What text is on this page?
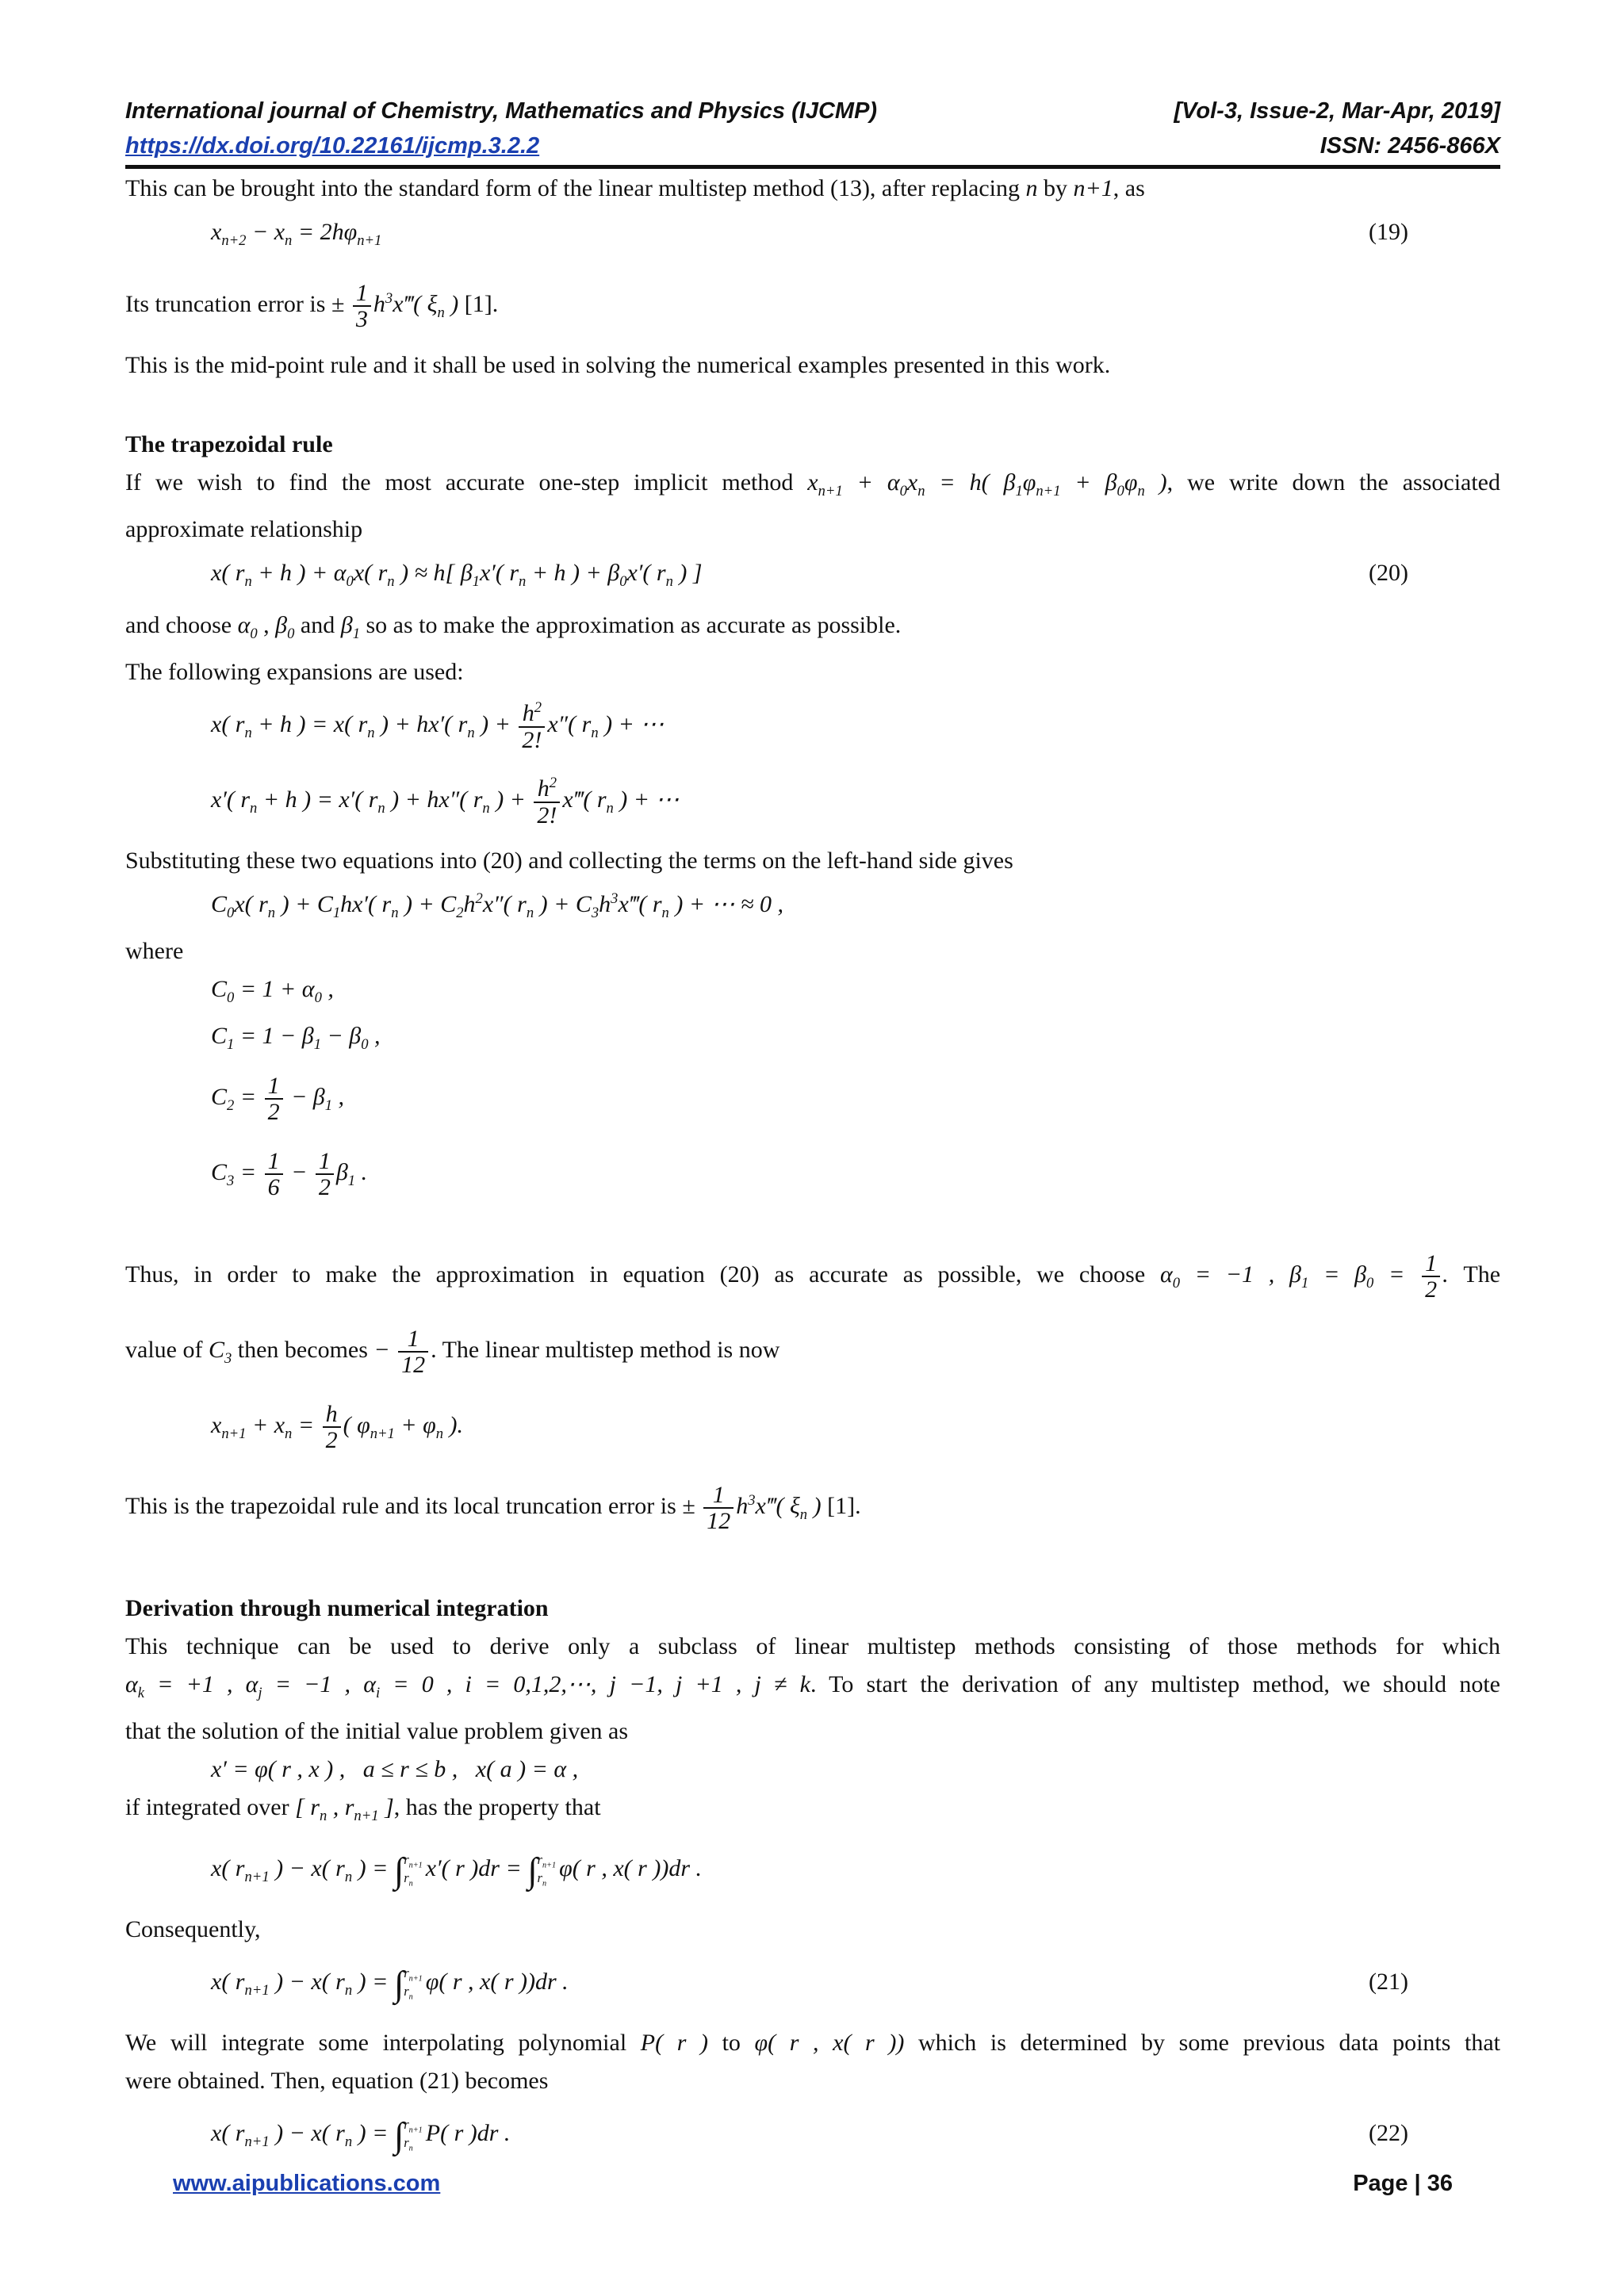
International journal of Chemistry, Mathematics and Physics (IJCMP)	[Vol-3, Issue-2, Mar-Apr, 2019]
https://dx.doi.org/10.22161/ijcmp.3.2.2	ISSN: 2456-866X

This can be brought into the standard form of the linear multistep method (13), after replacing n by n+1, as

$x_{n+2} - x_n = 2h\varphi_{n+1}$	(19)

Its truncation error is ± $\frac{1}{3}$ $h^3x‴$( $\xi_n$ ) [1].

This is the mid-point rule and it shall be used in solving the numerical examples presented in this work.

The trapezoidal rule

If we wish to find the most accurate one-step implicit method $x_{n+1} + \alpha_0x_n = h$( $\beta_1\varphi_{n+1} + \beta_0\varphi_n$ ), we write down the associated

approximate relationship

x( $r_n + h$ ) + $\alpha_0x$( $r_n$ ) ≈ h[ $\beta_1x'$( $r_n + h$ ) + $\beta_0x'$( $r_n$ ) ]	(20)

and choose $\alpha_0$ , $\beta_0$ and $\beta_1$ so as to make the approximation as accurate as possible.

The following expansions are used:

x( $r_n + h$ ) = x( $r_n$ ) + hx′( $r_n$ ) + $\frac{h^2}{2!} x''$( $r_n$ ) + ⋯
x′( $r_n + h$ ) = x′( $r_n$ ) + hx″( $r_n$ ) + $\frac{h^2}{2!}$ x‴( $r_n$ ) + ⋯

Substituting these two equations into (20) and collecting the terms on the left-hand side gives

$C_0x$( $r_n$ ) + $C_1hx'$( $r_n$ ) + $C_2h^2x''$( $r_n$ ) + $C_3h^3x‴$( $r_n$ ) + ⋯ ≈ 0 ,

where

$C_0 = 1 + \alpha_0$ ,
$C_1 = 1 - \beta_1 - \beta_0$ ,
$C_2 = \frac{1}{2} - \beta_1$ ,
$C_3 = \frac{1}{6} - \frac{1}{2} \beta_1$ .

Thus, in order to make the approximation in equation (20) as accurate as possible, we choose $\alpha_0 = -1$ , $\beta_1 = \beta_0 = \frac{1}{2}$ . The

value of $C_3$ then becomes − $\frac{1}{12}$ . The linear multistep method is now

$x_{n+1} + x_n = \frac{h}{2}$ ( $\varphi_{n+1} + \varphi_n$ ).

This is the trapezoidal rule and its local truncation error is ± $\frac{1}{12}$ $h^3x‴$( $\xi_n$ ) [1].

Derivation through numerical integration

This technique can be used to derive only a subclass of linear multistep methods consisting of those methods for which

$\alpha_k = +1$ , $\alpha_j = -1$ , $\alpha_i = 0$ , i = 0,1,2,⋯, j −1, j +1 , j ≠ k. To start the derivation of any multistep method, we should note

that the solution of the initial value problem given as

x′ = φ( r , x ) ,   a ≤ r ≤ b ,   x( a ) = α ,

if integrated over [ $r_n$ , $r_{n+1}$ ], has the property that

x( $r_{n+1}$ ) − x( $r_n$ ) = ∫ $r_{n+1}$
$r_n$
x′( r )dr = ∫ $r_{n+1}$
$r_n$
φ( r , x( r ))dr .

Consequently,

x( $r_{n+1}$ ) − x( $r_n$ ) = ∫ $r_{n+1}$
$r_n$
φ( r , x( r ))dr .	(21)

We will integrate some interpolating polynomial P( r ) to φ( r , x( r )) which is determined by some previous data points that

were obtained. Then, equation (21) becomes

x( $r_{n+1}$ ) − x( $r_n$ ) = ∫ $r_{n+1}$
$r_n$
P( r )dr .	(22)
www.aipublications.com	Page | 36
